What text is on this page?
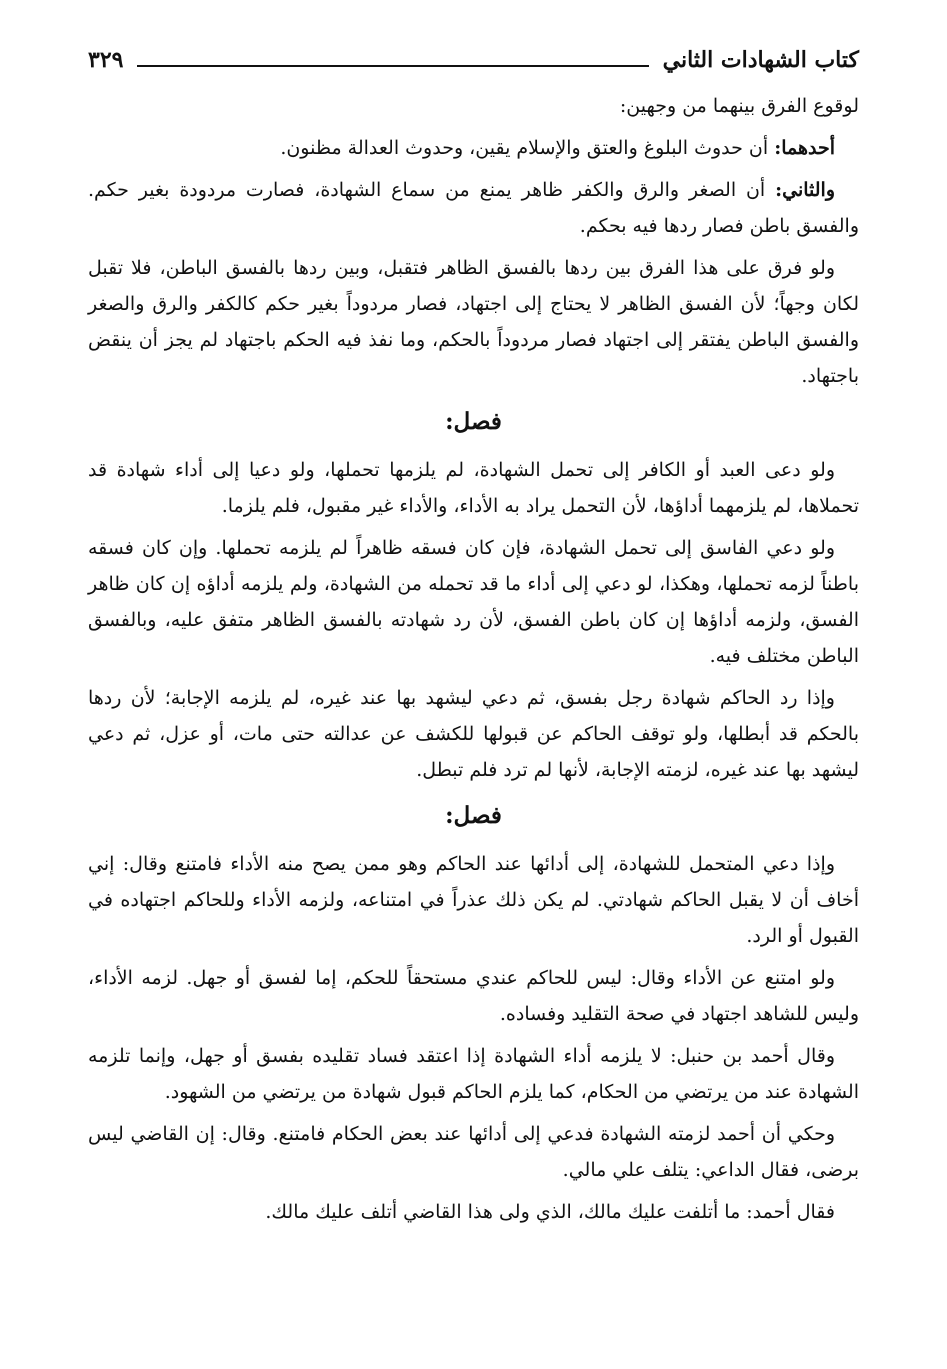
كتاب الشهادات الثاني
٣٢٩

لوقوع الفرق بينهما من وجهين:

أحدهما: أن حدوث البلوغ والعتق والإسلام يقين، وحدوث العدالة مظنون.

والثاني: أن الصغر والرق والكفر ظاهر يمنع من سماع الشهادة، فصارت مردودة بغير حكم. والفسق باطن فصار ردها فيه بحكم.

ولو فرق على هذا الفرق بين ردها بالفسق الظاهر فتقبل، وبين ردها بالفسق الباطن، فلا تقبل لكان وجهاً؛ لأن الفسق الظاهر لا يحتاج إلى اجتهاد، فصار مردوداً بغير حكم كالكفر والرق والصغر والفسق الباطن يفتقر إلى اجتهاد فصار مردوداً بالحكم، وما نفذ فيه الحكم باجتهاد لم يجز أن ينقض باجتهاد.

فصل:

ولو دعى العبد أو الكافر إلى تحمل الشهادة، لم يلزمها تحملها، ولو دعيا إلى أداء شهادة قد تحملاها، لم يلزمهما أداؤها، لأن التحمل يراد به الأداء، والأداء غير مقبول، فلم يلزما.

ولو دعي الفاسق إلى تحمل الشهادة، فإن كان فسقه ظاهراً لم يلزمه تحملها. وإن كان فسقه باطناً لزمه تحملها، وهكذا، لو دعي إلى أداء ما قد تحمله من الشهادة، ولم يلزمه أداؤه إن كان ظاهر الفسق، ولزمه أداؤها إن كان باطن الفسق، لأن رد شهادته بالفسق الظاهر متفق عليه، وبالفسق الباطن مختلف فيه.

وإذا رد الحاكم شهادة رجل بفسق، ثم دعي ليشهد بها عند غيره، لم يلزمه الإجابة؛ لأن ردها بالحكم قد أبطلها، ولو توقف الحاكم عن قبولها للكشف عن عدالته حتى مات، أو عزل، ثم دعي ليشهد بها عند غيره، لزمته الإجابة، لأنها لم ترد فلم تبطل.

فصل:

وإذا دعي المتحمل للشهادة، إلى أدائها عند الحاكم وهو ممن يصح منه الأداء فامتنع وقال: إني أخاف أن لا يقبل الحاكم شهادتي. لم يكن ذلك عذراً في امتناعه، ولزمه الأداء وللحاكم اجتهاده في القبول أو الرد.

ولو امتنع عن الأداء وقال: ليس للحاكم عندي مستحقاً للحكم، إما لفسق أو جهل. لزمه الأداء، وليس للشاهد اجتهاد في صحة التقليد وفساده.

وقال أحمد بن حنبل: لا يلزمه أداء الشهادة إذا اعتقد فساد تقليده بفسق أو جهل، وإنما تلزمه الشهادة عند من يرتضي من الحكام، كما يلزم الحاكم قبول شهادة من يرتضي من الشهود.

وحكي أن أحمد لزمته الشهادة فدعي إلى أدائها عند بعض الحكام فامتنع. وقال: إن القاضي ليس برضى، فقال الداعي: يتلف علي مالي.

فقال أحمد: ما أتلفت عليك مالك، الذي ولى هذا القاضي أتلف عليك مالك.
